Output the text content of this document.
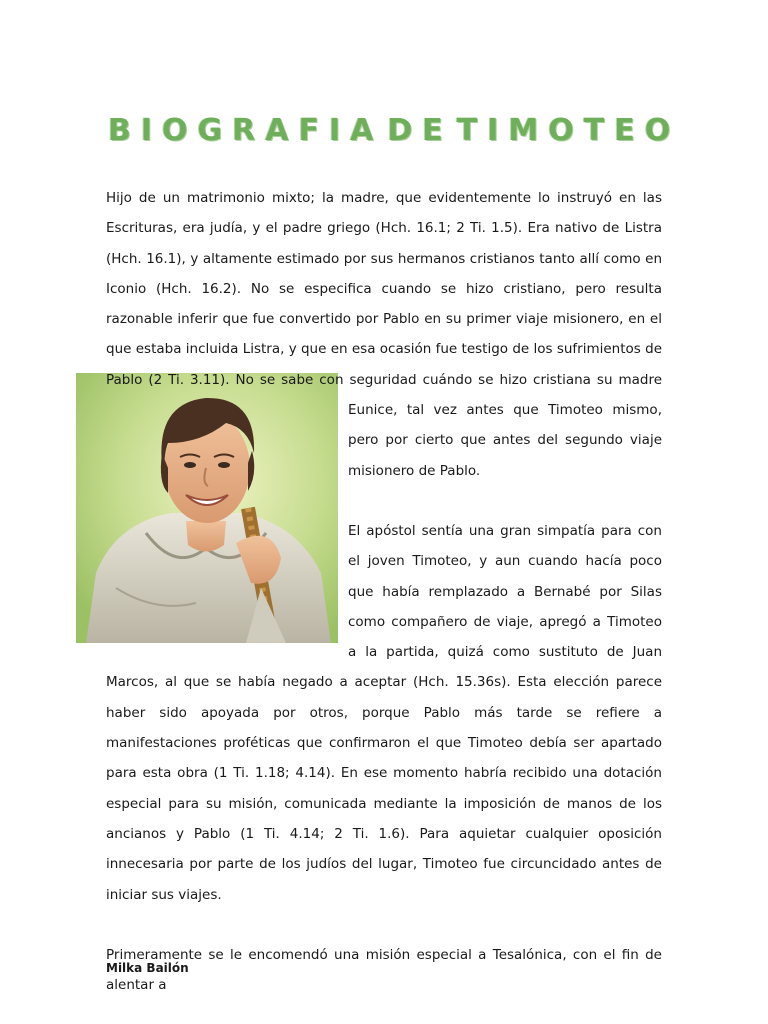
BIOGRAFIA DE TIMOTEO

Hijo de un matrimonio mixto; la madre, que evidentemente lo instruyó en las Escrituras, era judía, y el padre griego (Hch. 16.1; 2 Ti. 1.5). Era nativo de Listra (Hch. 16.1), y altamente estimado por sus hermanos cristianos tanto allí como en Iconio (Hch. 16.2). No se especifica cuando se hizo cristiano, pero resulta razonable inferir que fue convertido por Pablo en su primer viaje misionero, en el que estaba incluida Listra, y que en esa ocasión fue testigo de los sufrimientos de Pablo (2 Ti. 3.11). No
se sabe con seguridad cuándo se hizo cristiana su madre Eunice, tal vez antes que Timoteo mismo, pero por cierto que antes del segundo viaje misionero de Pablo.

El apóstol sentía una gran simpatía para con el joven Timoteo, y aun cuando hacía poco que había remplazado a Bernabé por Silas como compañero de viaje, apregó a Timoteo a la partida, quizá como sustituto de Juan Marcos, al que se había negado a aceptar (Hch. 15.36s). Esta elección parece haber sido apoyada por otros, porque Pablo más tarde se refiere a manifestaciones proféticas que confirmaron el que Timoteo debía ser apartado para esta obra (1 Ti. 1.18; 4.14). En ese momento habría recibido una dotación especial para su misión, comunicada mediante la imposición de manos de los ancianos y Pablo (1 Ti. 4.14; 2 Ti. 1.6). Para aquietar cualquier oposición innecesaria por parte de los judíos del lugar, Timoteo fue circuncidado antes de iniciar sus viajes.

Primeramente se le encomendó una misión especial a Tesalónica, con el fin de alentar a

Milka Bailón
